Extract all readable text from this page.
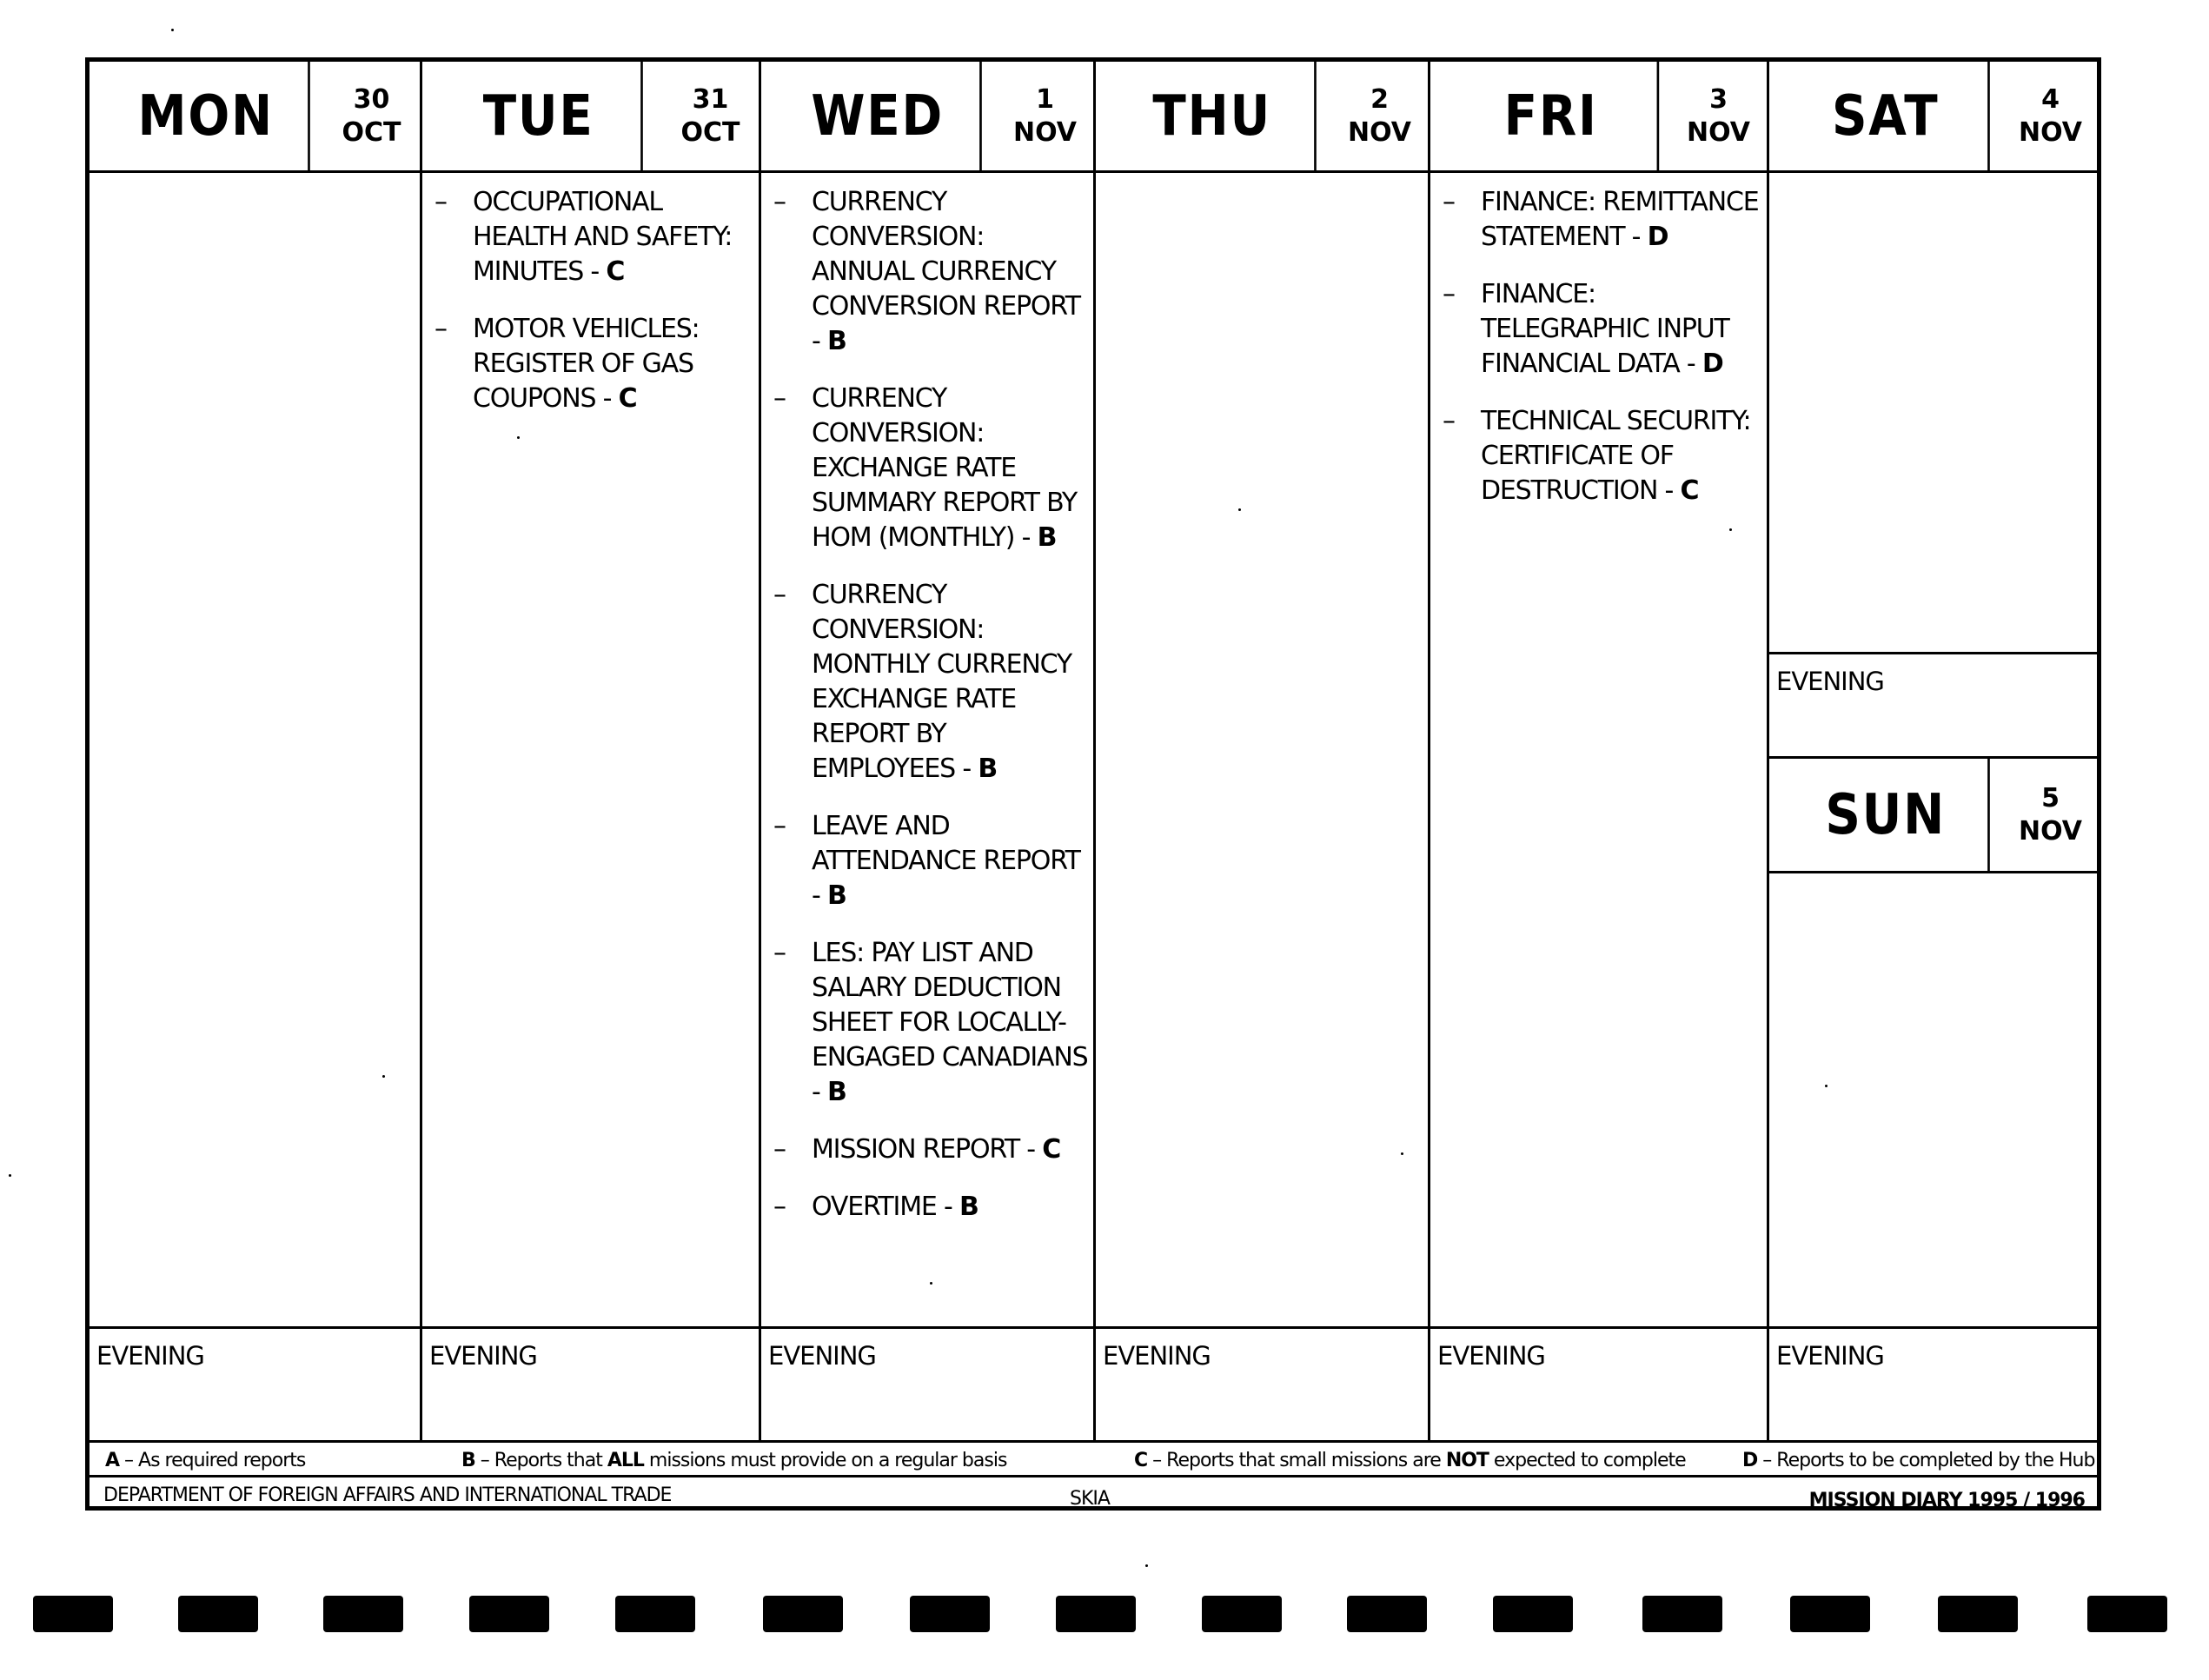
MON	30
OCT
EVENING
TUE	31
OCT
– OCCUPATIONAL HEALTH AND SAFETY: MINUTES - C
– MOTOR VEHICLES: REGISTER OF GAS COUPONS - C
EVENING
WED	1
NOV
– CURRENCY CONVERSION: ANNUAL CURRENCY CONVERSION REPORT - B
– CURRENCY CONVERSION: EXCHANGE RATE SUMMARY REPORT BY HOM (MONTHLY) - B
– CURRENCY CONVERSION: MONTHLY CURRENCY EXCHANGE RATE REPORT BY EMPLOYEES - B
– LEAVE AND ATTENDANCE REPORT - B
– LES: PAY LIST AND SALARY DEDUCTION SHEET FOR LOCALLY-ENGAGED CANADIANS - B
– MISSION REPORT - C
– OVERTIME - B
EVENING
THU	2
NOV
EVENING
FRI	3
NOV
– FINANCE: REMITTANCE STATEMENT - D
– FINANCE: TELEGRAPHIC INPUT FINANCIAL DATA - D
– TECHNICAL SECURITY: CERTIFICATE OF DESTRUCTION - C
EVENING
SAT	4
NOV
EVENING
SUN	5
NOV
EVENING
A – As required reports	B – Reports that ALL missions must provide on a regular basis	C – Reports that small missions are NOT expected to complete	D – Reports to be completed by the Hub
DEPARTMENT OF FOREIGN AFFAIRS AND INTERNATIONAL TRADE	SKIA	MISSION DIARY 1995 / 1996
